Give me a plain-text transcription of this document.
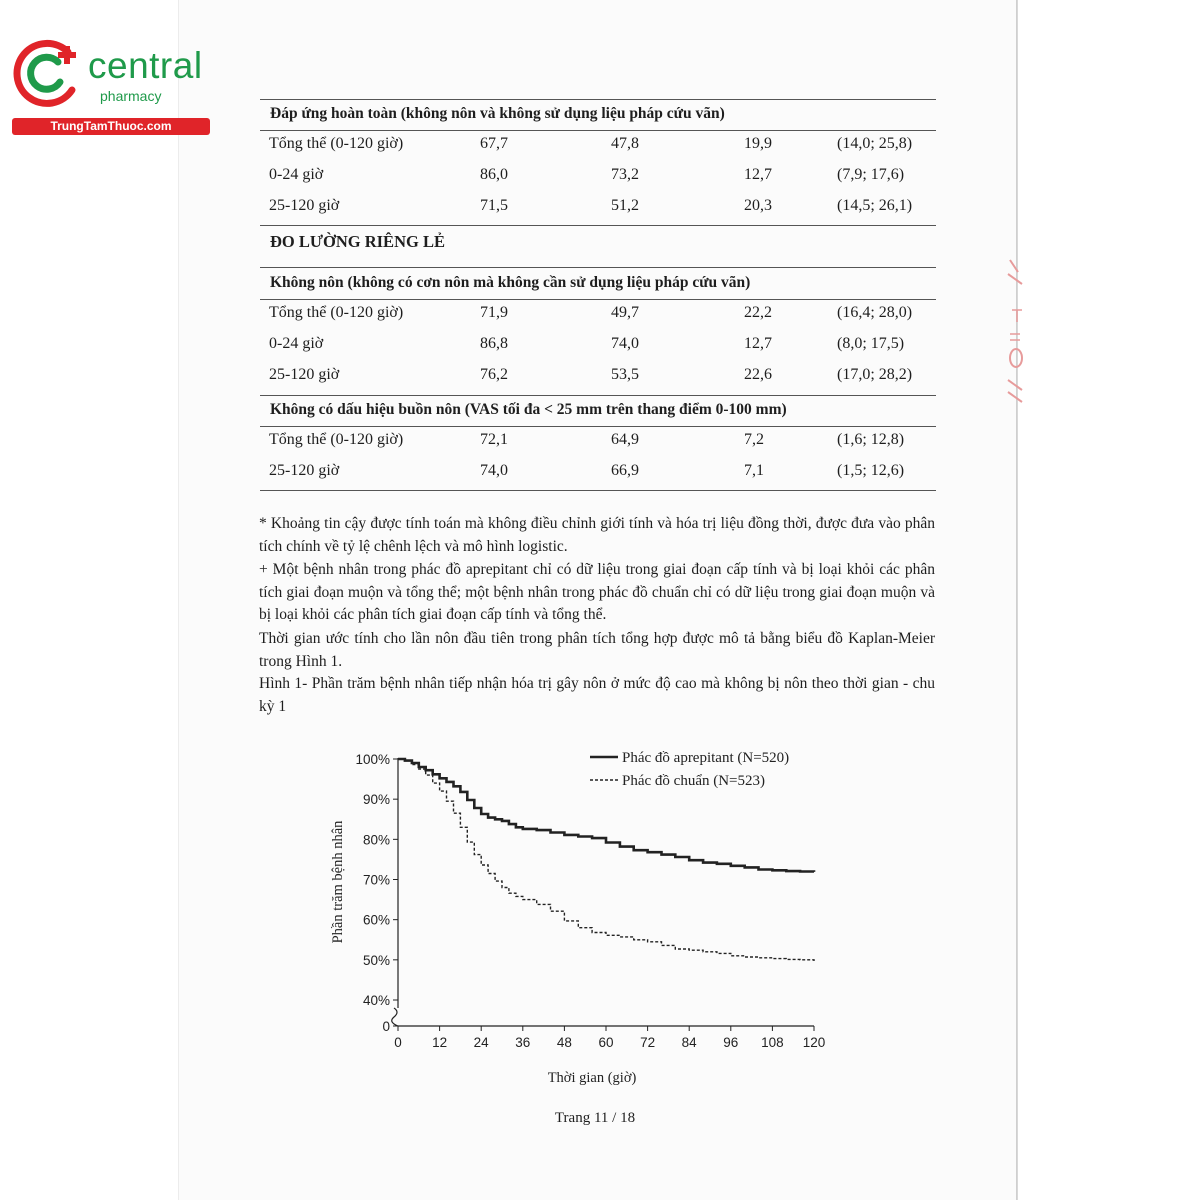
central
pharmacy
TrungTamThuoc.com
Đáp ứng hoàn toàn (không nôn và không sử dụng liệu pháp cứu vãn)
Tổng thể (0-120 giờ)	67,7	47,8	19,9	(14,0; 25,8)
0-24 giờ	86,0	73,2	12,7	(7,9; 17,6)
25-120 giờ	71,5	51,2	20,3	(14,5; 26,1)
ĐO LƯỜNG RIÊNG LẺ
Không nôn (không có cơn nôn mà không cần sử dụng liệu pháp cứu vãn)
Tổng thể (0-120 giờ)	71,9	49,7	22,2	(16,4; 28,0)
0-24 giờ	86,8	74,0	12,7	(8,0; 17,5)
25-120 giờ	76,2	53,5	22,6	(17,0; 28,2)
Không có dấu hiệu buồn nôn (VAS tối đa < 25 mm trên thang điểm 0-100 mm)
Tổng thể (0-120 giờ)	72,1	64,9	7,2	(1,6; 12,8)
25-120 giờ	74,0	66,9	7,1	(1,5; 12,6)
* Khoảng tin cậy được tính toán mà không điều chỉnh giới tính và hóa trị liệu đồng thời, được đưa vào phân tích chính về tỷ lệ chênh lệch và mô hình logistic.
+ Một bệnh nhân trong phác đồ aprepitant chỉ có dữ liệu trong giai đoạn cấp tính và bị loại khỏi các phân tích giai đoạn muộn và tổng thể; một bệnh nhân trong phác đồ chuẩn chỉ có dữ liệu trong giai đoạn muộn và bị loại khỏi các phân tích giai đoạn cấp tính và tổng thể.
Thời gian ước tính cho lần nôn đầu tiên trong phân tích tổng hợp được mô tả bằng biểu đồ Kaplan-Meier trong Hình 1.
Hình 1- Phần trăm bệnh nhân tiếp nhận hóa trị gây nôn ở mức độ cao mà không bị nôn theo thời gian - chu kỳ 1
100%
90%
80%
70%
60%
50%
40%
0
0 12 24 36 48 60 72 84 96 108 120
Phác đồ aprepitant (N=520)
Phác đồ chuẩn (N=523)
Thời gian (giờ)
Phần trăm bệnh nhân
Trang 11 / 18
